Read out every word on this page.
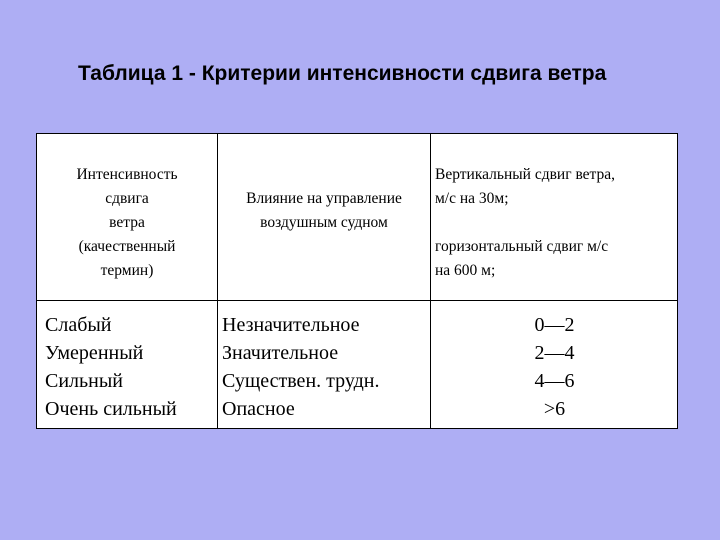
Таблица 1 - Критерии интенсивности сдвига ветра
Интенсивность
сдвига
ветра
(качественный
термин)
Влияние на управление
воздушным судном
Вертикальный сдвиг ветра,
м/с на 30м;

горизонтальный сдвиг м/с
на 600 м;
Слабый
Умеренный
Сильный
Очень сильный
Незначительное
Значительное
Существен. трудн.
Опасное
0—2
2—4
4—6
>6
